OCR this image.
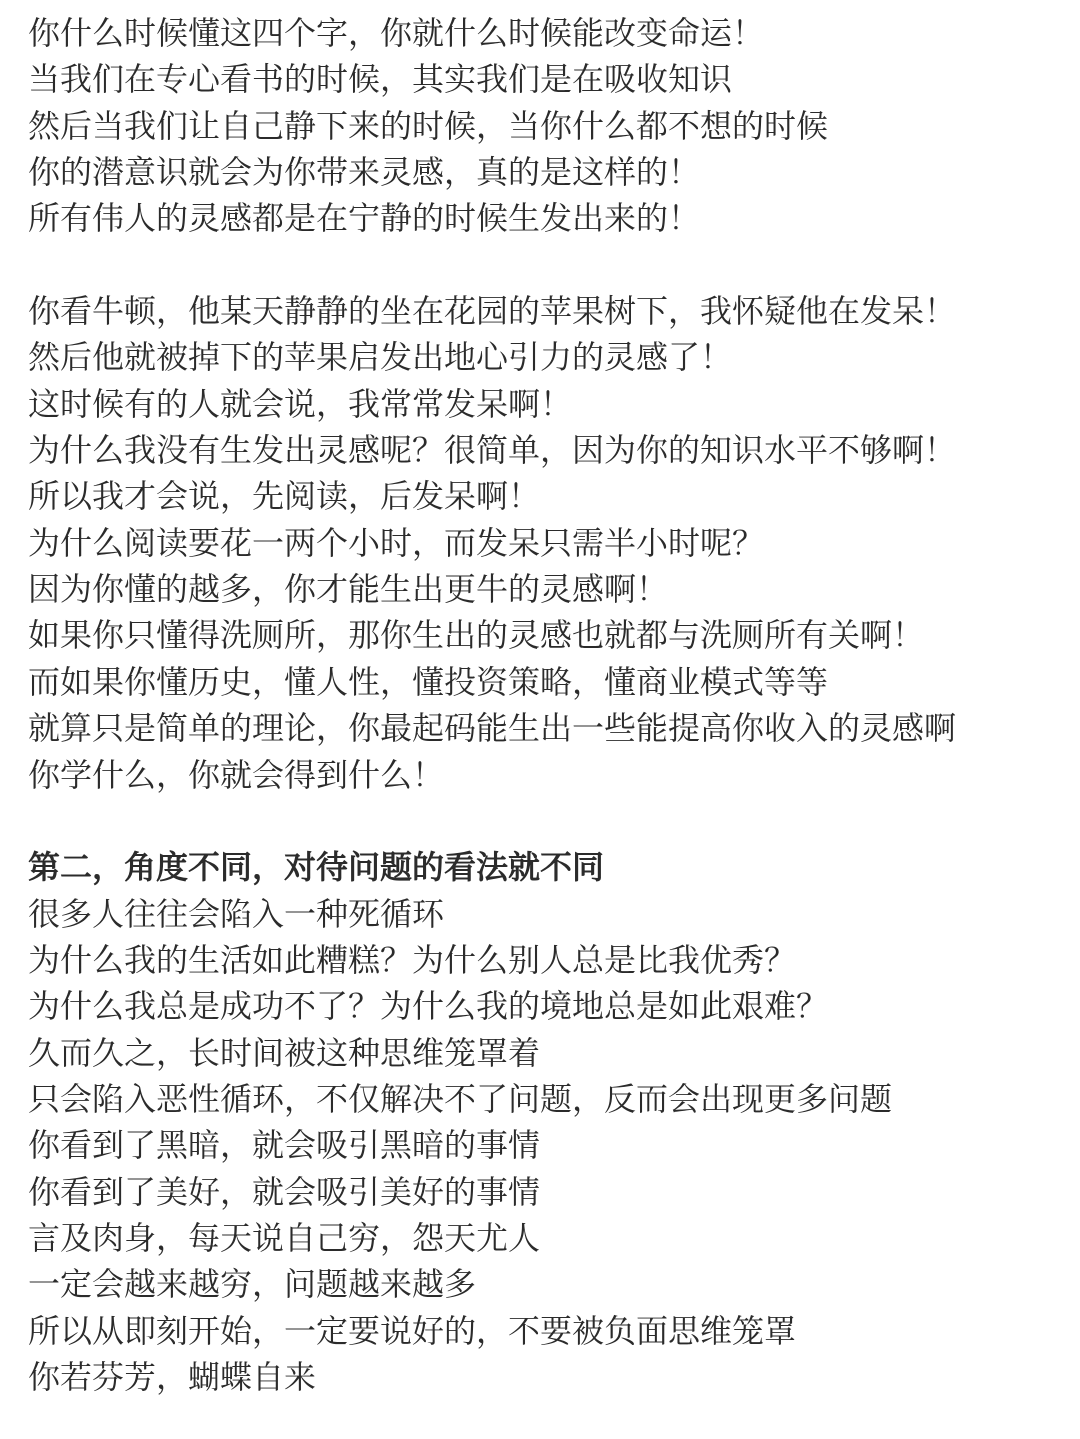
你什么时候懂这四个字，你就什么时候能改变命运！
当我们在专心看书的时候，其实我们是在吸收知识
然后当我们让自己静下来的时候，当你什么都不想的时候
你的潜意识就会为你带来灵感，真的是这样的！
所有伟人的灵感都是在宁静的时候生发出来的！
你看牛顿，他某天静静的坐在花园的苹果树下，我怀疑他在发呆！
然后他就被掉下的苹果启发出地心引力的灵感了！
这时候有的人就会说，我常常发呆啊！
为什么我没有生发出灵感呢？很简单，因为你的知识水平不够啊！
所以我才会说，先阅读，后发呆啊！
为什么阅读要花一两个小时，而发呆只需半小时呢？
因为你懂的越多，你才能生出更牛的灵感啊！
如果你只懂得洗厕所，那你生出的灵感也就都与洗厕所有关啊！
而如果你懂历史，懂人性，懂投资策略，懂商业模式等等
就算只是简单的理论，你最起码能生出一些能提高你收入的灵感啊
你学什么，你就会得到什么！
第二，角度不同，对待问题的看法就不同
很多人往往会陷入一种死循环
为什么我的生活如此糟糕？为什么别人总是比我优秀？
为什么我总是成功不了？为什么我的境地总是如此艰难？
久而久之，长时间被这种思维笼罩着
只会陷入恶性循环，不仅解决不了问题，反而会出现更多问题
你看到了黑暗，就会吸引黑暗的事情
你看到了美好，就会吸引美好的事情
言及肉身，每天说自己穷，怨天尤人
一定会越来越穷，问题越来越多
所以从即刻开始，一定要说好的，不要被负面思维笼罩
你若芬芳，蝴蝶自来
